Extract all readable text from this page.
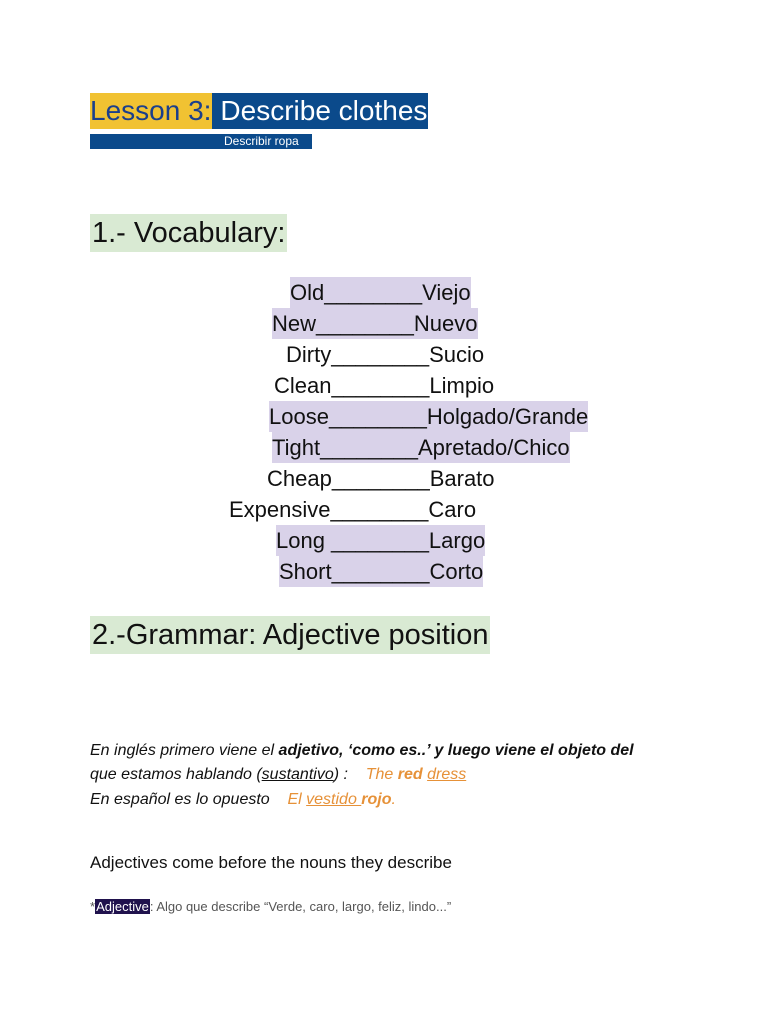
Lesson 3: Describe clothes
Describir ropa
1.- Vocabulary:
Old________Viejo
New________Nuevo
Dirty________Sucio
Clean________Limpio
Loose________Holgado/Grande
Tight________Apretado/Chico
Cheap________Barato
Expensive________Caro
Long ________Largo
Short________Corto
2.-Grammar: Adjective position
En inglés primero viene el adjetivo, ‘como es..’ y luego viene el objeto del
que estamos hablando (sustantivo) :    The red dress
En español es lo opuesto    El vestido rojo.
Adjectives come before the nouns they describe
*Adjective: Algo que describe “Verde, caro, largo, feliz, lindo...”
